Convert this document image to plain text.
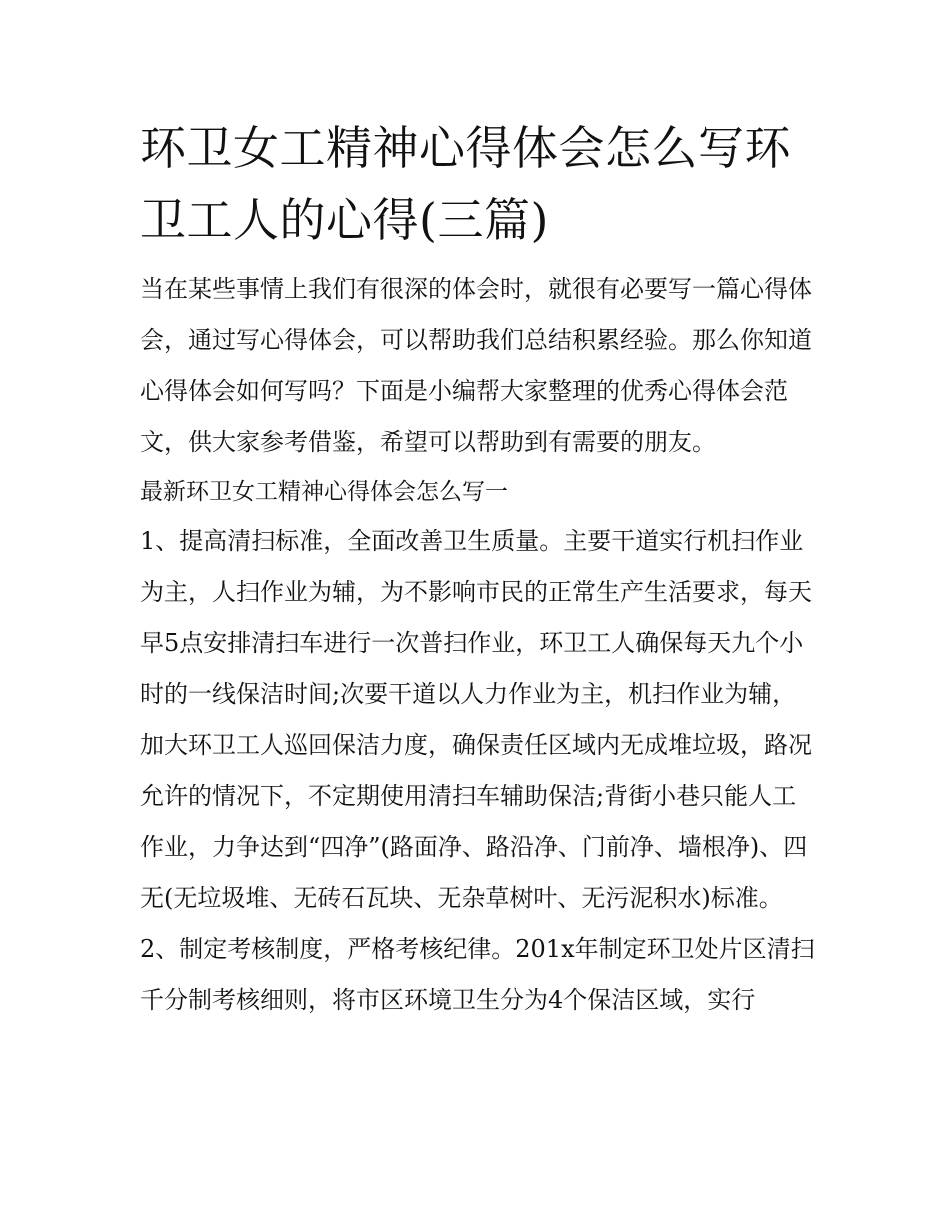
环卫女工精神心得体会怎么写环卫工人的心得(三篇)

当在某些事情上我们有很深的体会时，就很有必要写一篇心得体会，通过写心得体会，可以帮助我们总结积累经验。那么你知道心得体会如何写吗？下面是小编帮大家整理的优秀心得体会范文，供大家参考借鉴，希望可以帮助到有需要的朋友。

最新环卫女工精神心得体会怎么写一

1、提高清扫标准，全面改善卫生质量。主要干道实行机扫作业为主，人扫作业为辅，为不影响市民的正常生产生活要求，每天早5点安排清扫车进行一次普扫作业，环卫工人确保每天九个小时的一线保洁时间;次要干道以人力作业为主，机扫作业为辅，加大环卫工人巡回保洁力度，确保责任区域内无成堆垃圾，路况允许的情况下，不定期使用清扫车辅助保洁;背街小巷只能人工作业，力争达到“四净”(路面净、路沿净、门前净、墙根净)、四无(无垃圾堆、无砖石瓦块、无杂草树叶、无污泥积水)标准。

2、制定考核制度，严格考核纪律。201x年制定环卫处片区清扫千分制考核细则，将市区环境卫生分为4个保洁区域，实行
